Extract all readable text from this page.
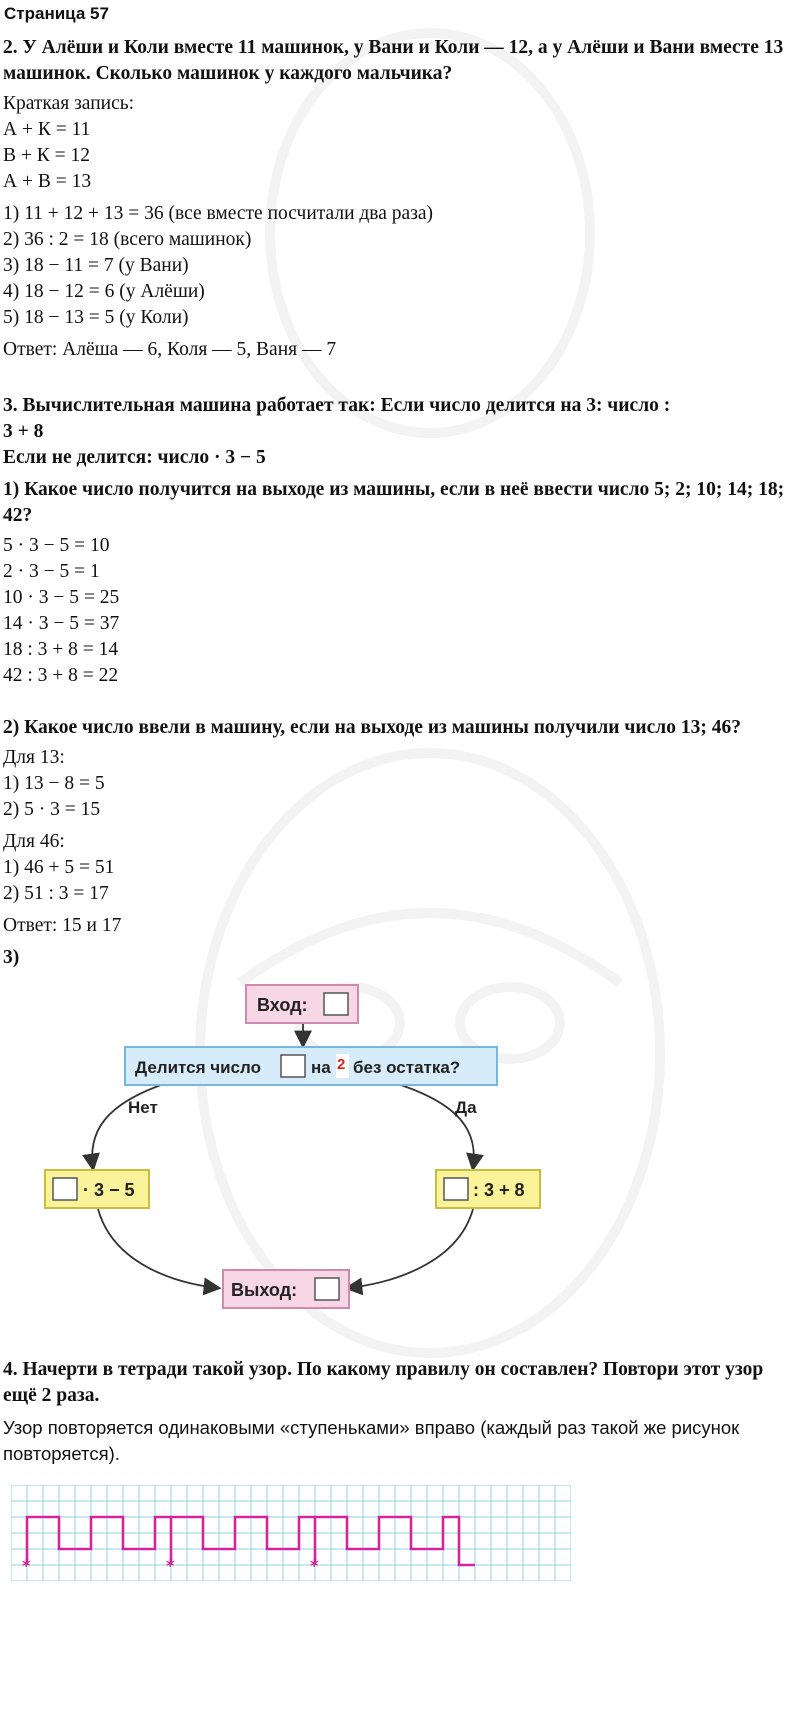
Страница 57
2. У Алёши и Коли вместе 11 машинок, у Вани и Коли — 12, а у Алёши и Вани вместе 13 машинок. Сколько машинок у каждого мальчика?
Краткая запись:
А + К = 11
В + К = 12
А + В = 13
1) 11 + 12 + 13 = 36 (все вместе посчитали два раза)
2) 36 : 2 = 18 (всего машинок)
3) 18 − 11 = 7 (у Вани)
4) 18 − 12 = 6 (у Алёши)
5) 18 − 13 = 5 (у Коли)
Ответ: Алёша — 6, Коля — 5, Ваня — 7
3. Вычислительная машина работает так: Если число делится на 3: число :
3 + 8
Если не делится: число · 3 − 5
1) Какое число получится на выходе из машины, если в неё ввести число 5; 2; 10; 14; 18; 42?
5 · 3 − 5 = 10
2 · 3 − 5 = 1
10 · 3 − 5 = 25
14 · 3 − 5 = 37
18 : 3 + 8 = 14
42 : 3 + 8 = 22
2) Какое число ввели в машину, если на выходе из машины получили число 13; 46?
Для 13:
1) 13 − 8 = 5
2) 5 · 3 = 15
Для 46:
1) 46 + 5 = 51
2) 51 : 3 = 17
Ответ: 15 и 17
3)
Вход:
Делится число	на 2 без остатка?
Нет	Да
· 3 − 5	: 3 + 8
Выход:
4. Начерти в тетради такой узор. По какому правилу он составлен? Повтори этот узор ещё 2 раза.
Узор повторяется одинаковыми «ступеньками» вправо (каждый раз такой же рисунок повторяется).
*	*	*
